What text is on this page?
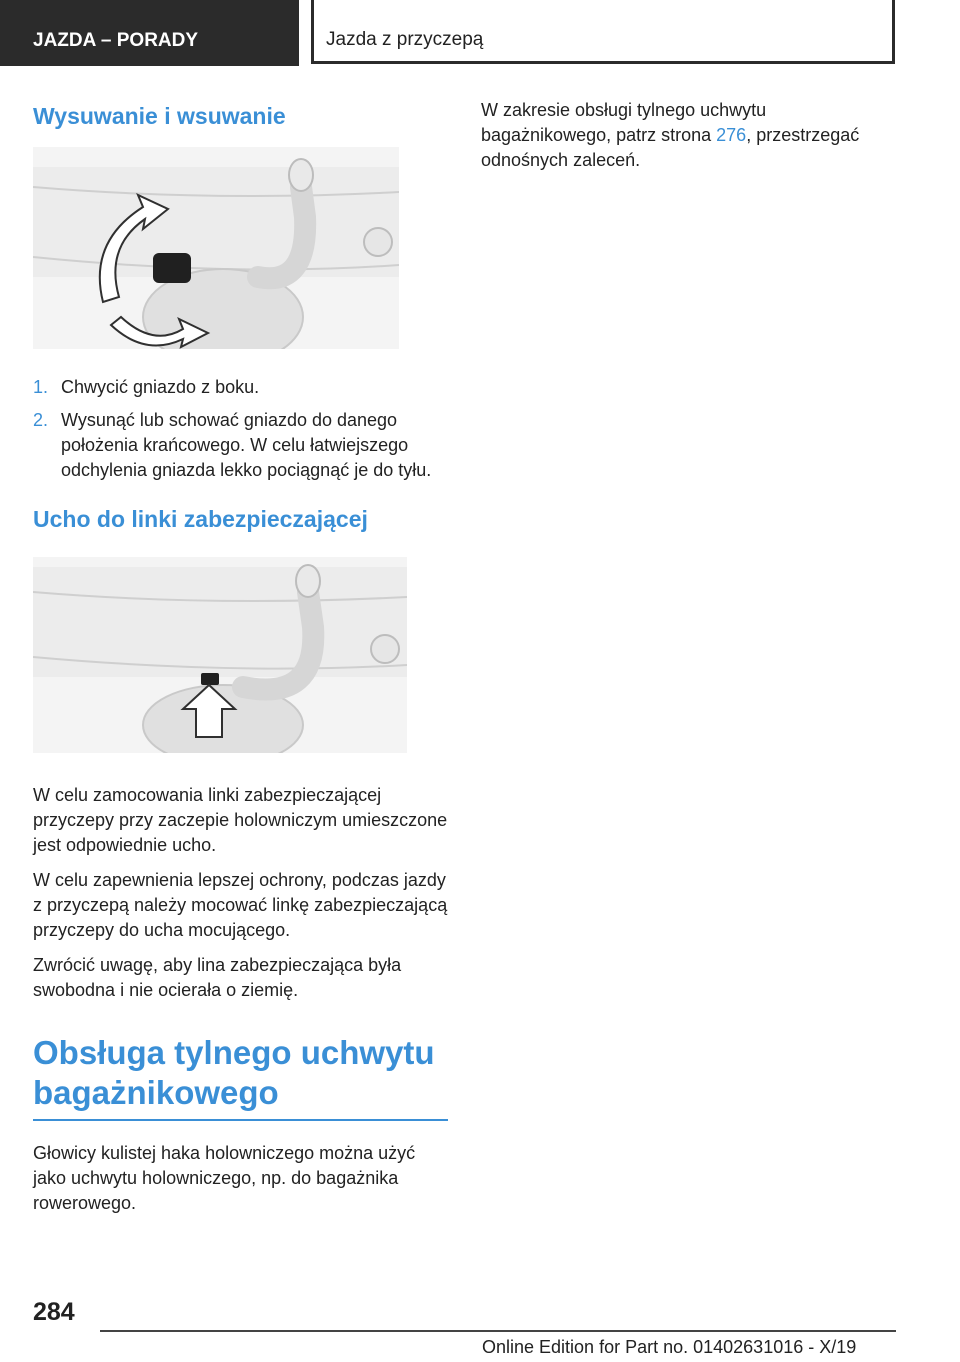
JAZDA – PORADY	Jazda z przyczepą
Wysuwanie i wsuwanie
1. Chwycić gniazdo z boku.
2. Wysunąć lub schować gniazdo do danego położenia krańcowego. W celu łatwiejszego odchylenia gniazda lekko pociągnąć je do tyłu.
Ucho do linki zabezpieczającej

W celu zamocowania linki zabezpieczającej przyczepy przy zaczepie holowniczym umieszczone jest odpowiednie ucho.

W celu zapewnienia lepszej ochrony, podczas jazdy z przyczepą należy mocować linkę zabezpieczającą przyczepy do ucha mocującego.

Zwrócić uwagę, aby lina zabezpieczająca była swobodna i nie ocierała o ziemię.

Obsługa tylnego uchwytu bagażnikowego

Głowicy kulistej haka holowniczego można użyć jako uchwytu holowniczego, np. do bagażnika rowerowego.

W zakresie obsługi tylnego uchwytu bagażnikowego, patrz strona 276, przestrzegać odnośnych zaleceń.

284
Online Edition for Part no. 01402631016 - X/19
